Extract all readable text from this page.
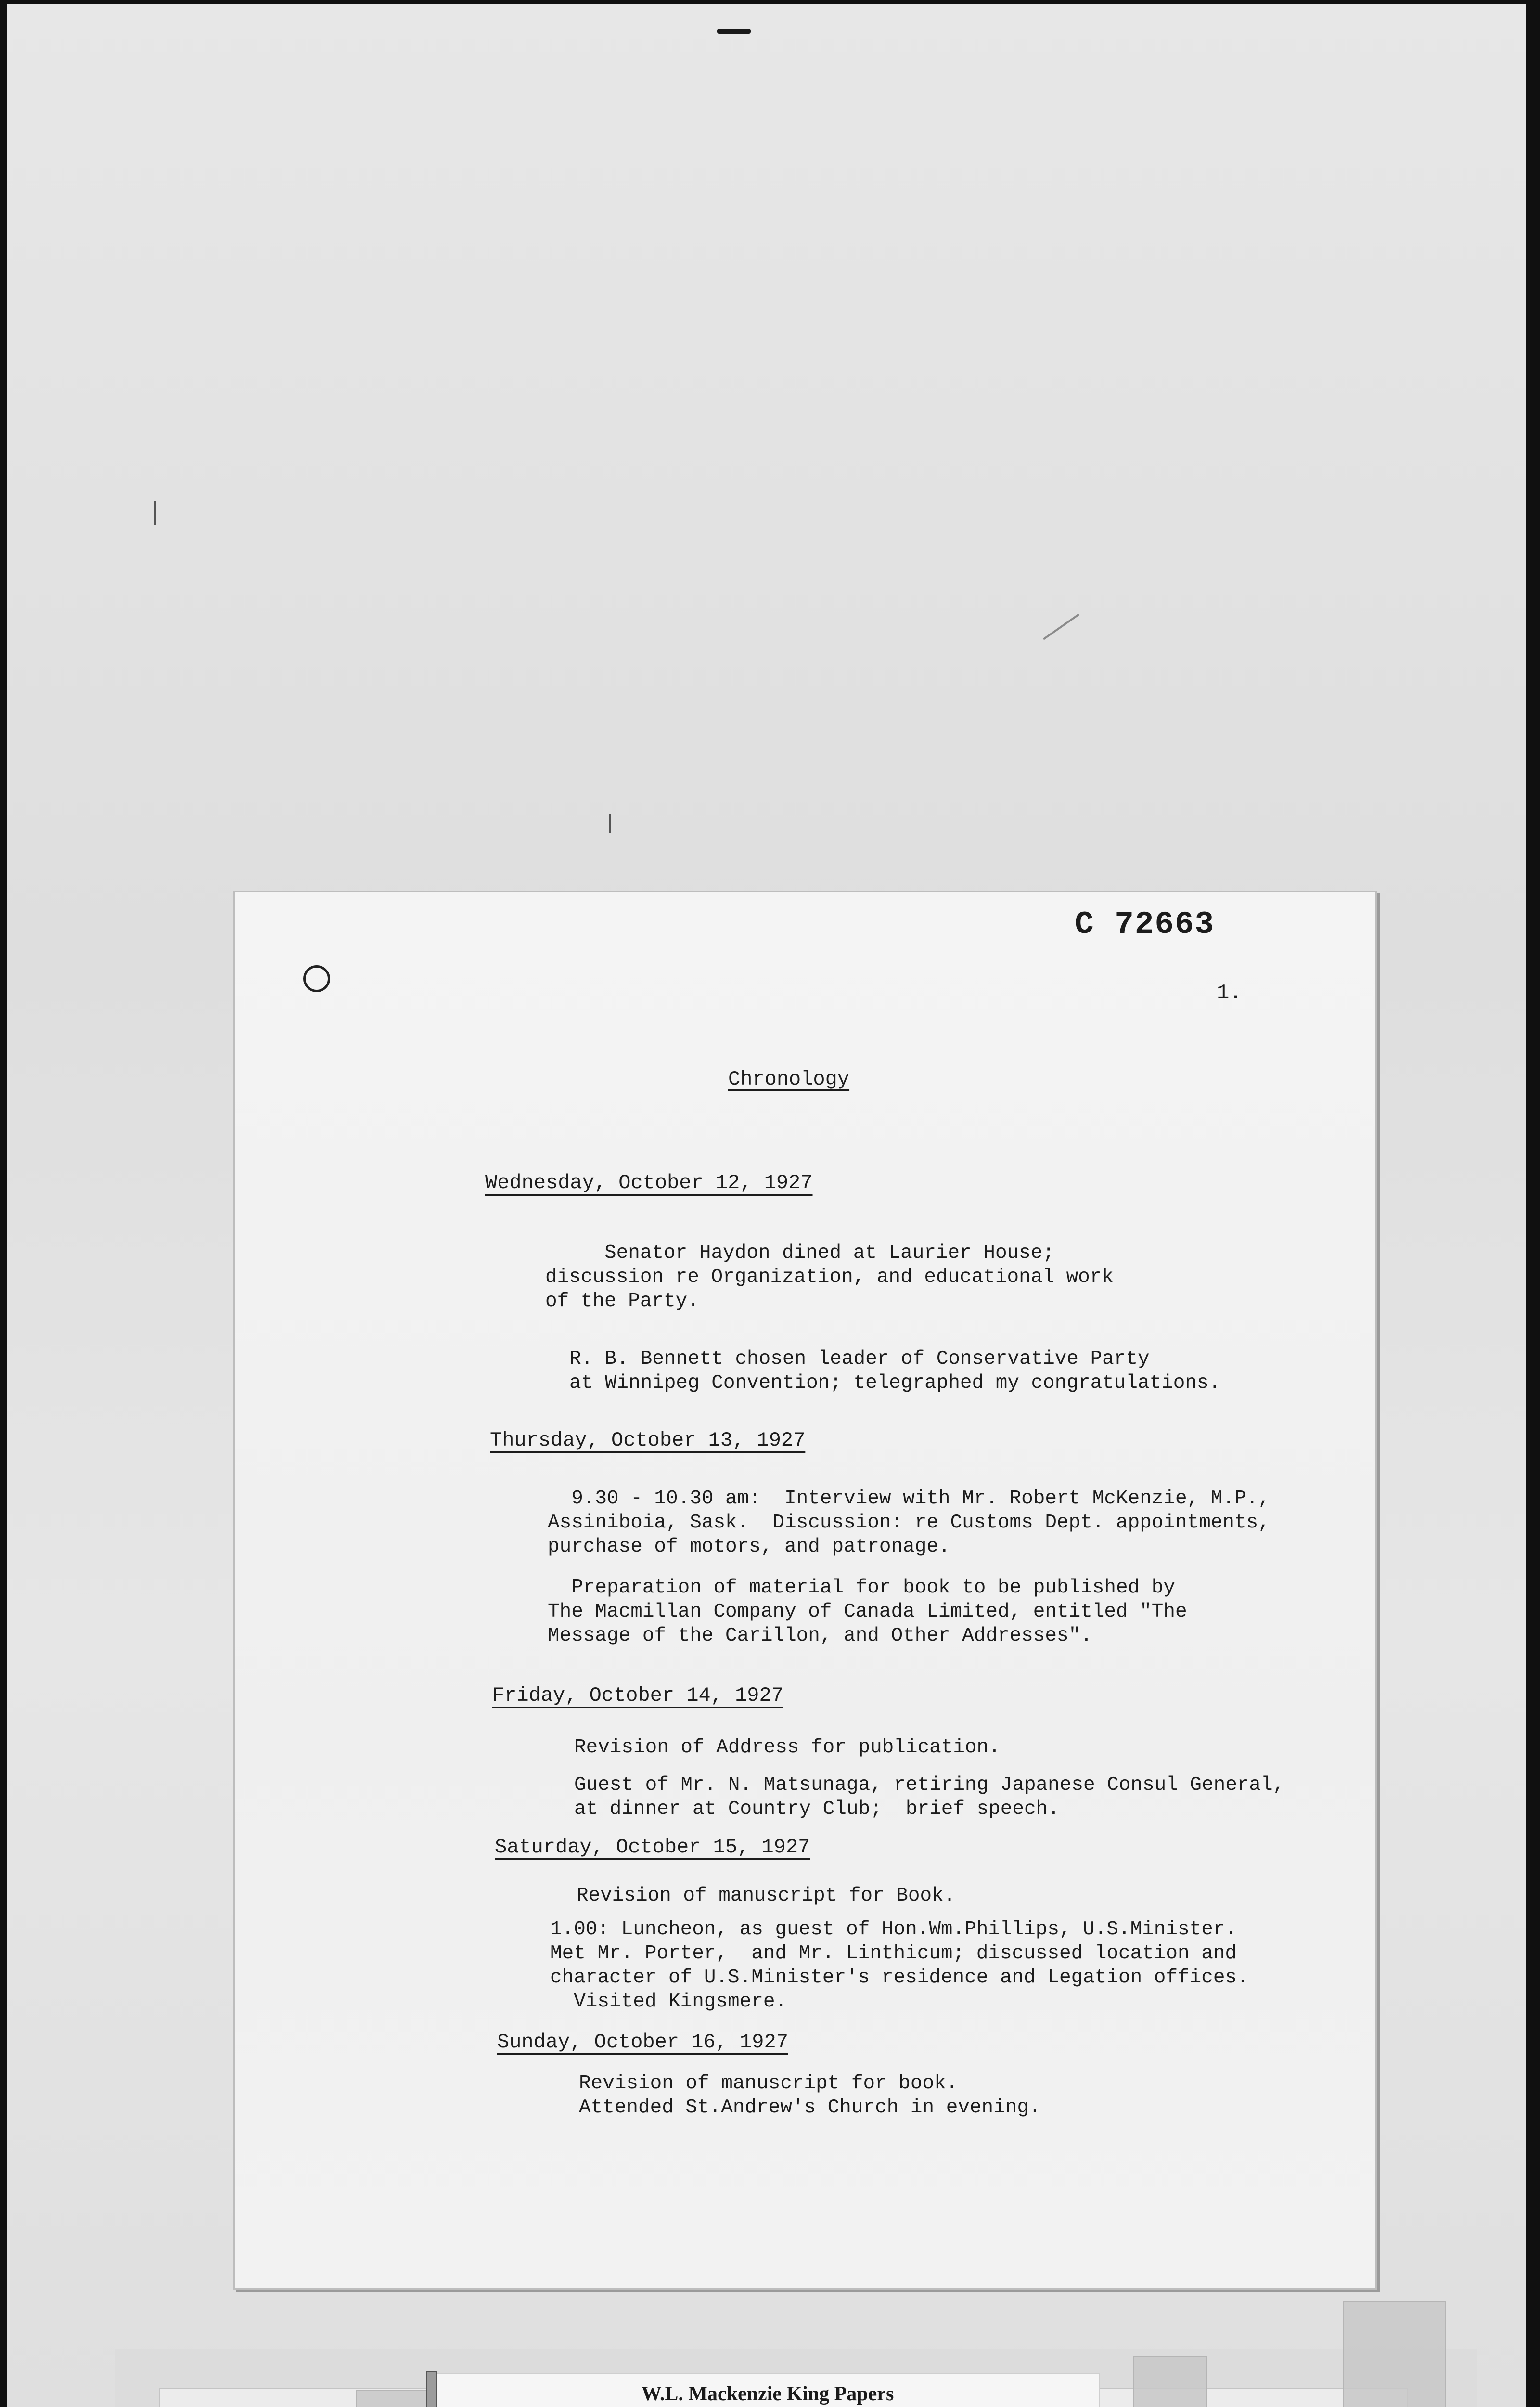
C 72663
1.
Chronology
Wednesday, October 12, 1927

Senator Haydon dined at Laurier House;
discussion re Organization, and educational work
of the Party.

R. B. Bennett chosen leader of Conservative Party
at Winnipeg Convention; telegraphed my congratulations.

Thursday, October 13, 1927

9.30 - 10.30 am:  Interview with Mr. Robert McKenzie, M.P.,
Assiniboia, Sask.  Discussion: re Customs Dept. appointments,
purchase of motors, and patronage.

Preparation of material for book to be published by
The Macmillan Company of Canada Limited, entitled "The
Message of the Carillon, and Other Addresses".

Friday, October 14, 1927

Revision of Address for publication.

Guest of Mr. N. Matsunaga, retiring Japanese Consul General,
at dinner at Country Club;  brief speech.

Saturday, October 15, 1927

Revision of manuscript for Book.

1.00: Luncheon, as guest of Hon.Wm.Phillips, U.S.Minister.
Met Mr. Porter,  and Mr. Linthicum; discussed location and
character of U.S.Minister's residence and Legation offices.
Visited Kingsmere.

Sunday, October 16, 1927

Revision of manuscript for book.
Attended St.Andrew's Church in evening.

W.L. Mackenzie King Papers
